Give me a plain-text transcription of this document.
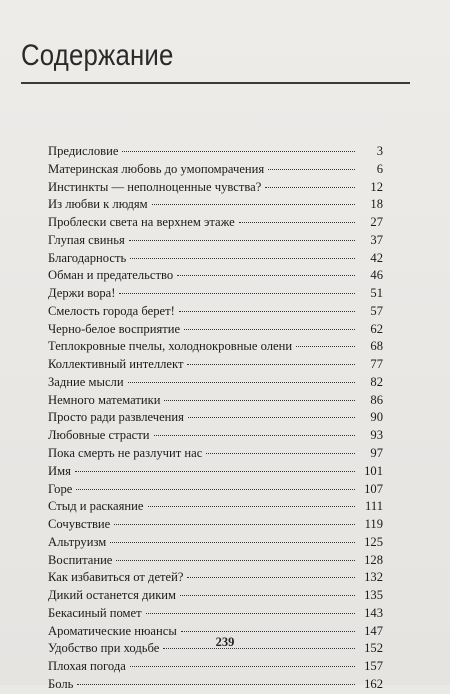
Содержание
Предисловие	3
Материнская любовь до умопомрачения	6
Инстинкты — неполноценные чувства?	12
Из любви к людям	18
Проблески света на верхнем этаже	27
Глупая свинья	37
Благодарность	42
Обман и предательство	46
Держи вора!	51
Смелость города берет!	57
Черно-белое восприятие	62
Теплокровные пчелы, холоднокровные олени	68
Коллективный интеллект	77
Задние мысли	82
Немного математики	86
Просто ради развлечения	90
Любовные страсти	93
Пока смерть не разлучит нас	97
Имя	101
Горе	107
Стыд и раскаяние	111
Сочувствие	119
Альтруизм	125
Воспитание	128
Как избавиться от детей?	132
Дикий останется диким	135
Бекасиный помет	143
Ароматические нюансы	147
Удобство при ходьбе	152
Плохая погода	157
Боль	162

239
